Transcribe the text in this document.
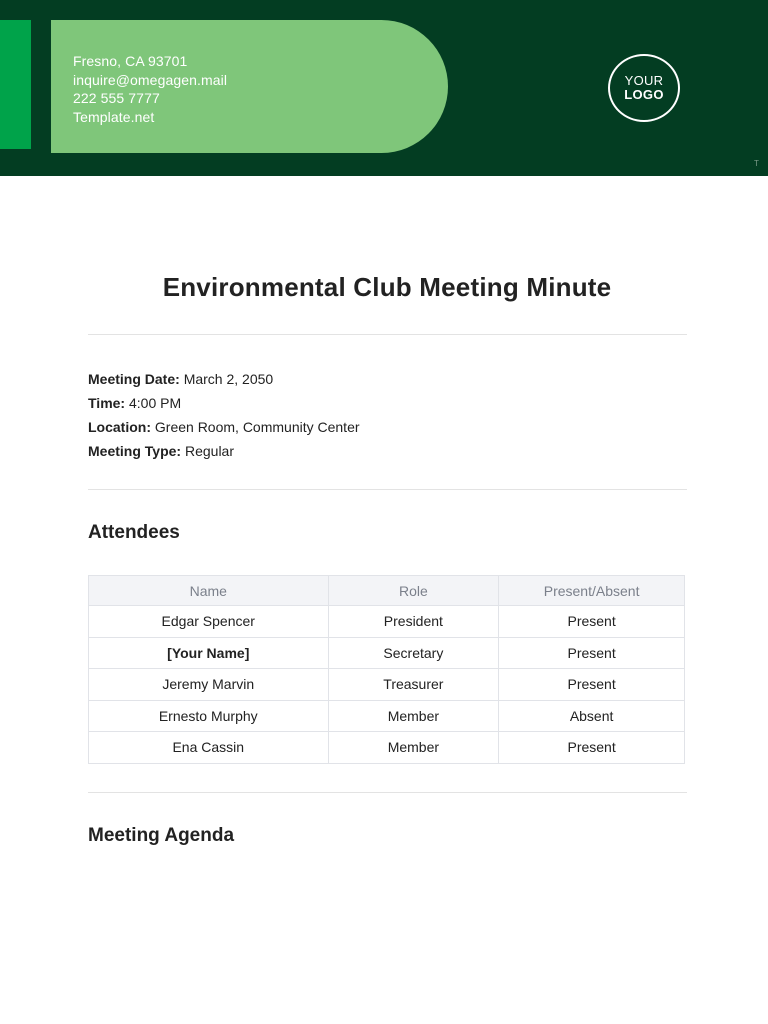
Fresno, CA 93701
inquire@omegagen.mail
222 555 7777
Template.net
YOUR
LOGO
T
Environmental Club Meeting Minute
Meeting Date: March 2, 2050
Time: 4:00 PM
Location: Green Room, Community Center
Meeting Type: Regular
Attendees
Name	Role	Present/Absent
Edgar Spencer	President	Present
[Your Name]	Secretary	Present
Jeremy Marvin	Treasurer	Present
Ernesto Murphy	Member	Absent
Ena Cassin	Member	Present
Meeting Agenda
